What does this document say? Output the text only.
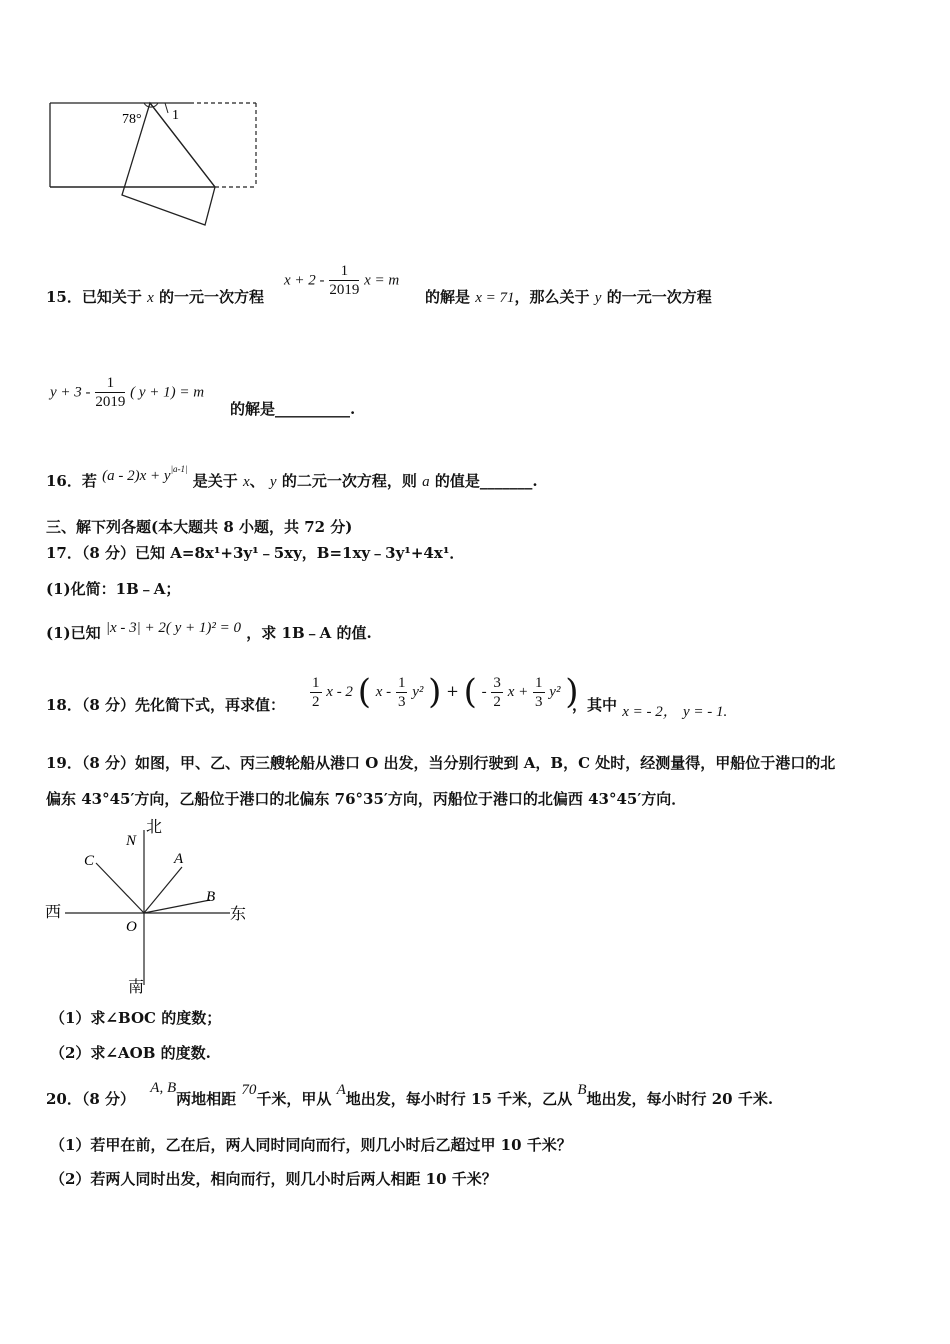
78° 1
15．已知关于 x 的一元一次方程
$x + 2 - \frac{1}{2019}$ x = m
的解是 x = 71，那么关于 y 的一元一次方程
$y + 3 - \frac{1}{2019}$ ( y + 1) = m
的解是__________.
16．若 $(a - 2)x + y^{|a-1|}$ 是关于 x、 y 的二元一次方程，则 a 的值是_______.
三、解下列各题(本大题共 8 小题，共 72 分)
17．（8 分）已知 A=8x¹+3y¹﹣5xy，B=1xy﹣3y¹+4x¹．
(1)化简：1B﹣A；
(1)已知 |x - 3| + 2( y + 1)² = 0 ，求 1B﹣A 的值.
18．（8 分）先化简下式，再求值： $\frac{1}{2}$ x - 2 ( x - $\frac{1}{3} y^2$ ) + ( - $\frac{3}{2}$ $x + \frac{1}{3} y^2$ )
，其中 x = - 2， y = - 1.
19．（8 分）如图，甲、乙、丙三艘轮船从港口 O 出发，当分别行驶到 A，B，C 处时，经测量得，甲船位于港口的北
偏东 43°45′方向，乙船位于港口的北偏东 76°35′方向，丙船位于港口的北偏西 43°45′方向．
北
N
西	东
南
O
A
B
C
（1）求∠BOC 的度数；
（2）求∠AOB 的度数.
20．（8 分） A, B两地相距 70千米，甲从 A地出发，每小时行 15 千米，乙从 B地出发，每小时行 20 千米.
（1）若甲在前，乙在后，两人同时同向而行，则几小时后乙超过甲 10 千米？
（2）若两人同时出发，相向而行，则几小时后两人相距 10 千米？
